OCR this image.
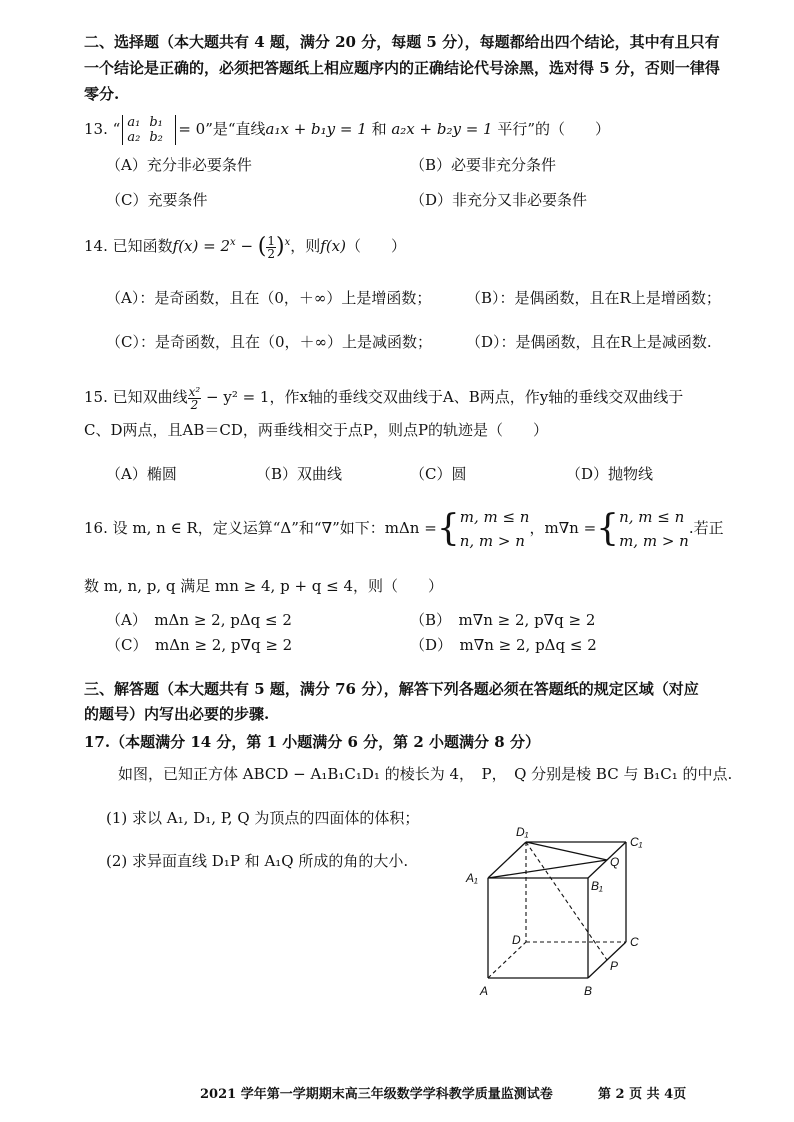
二、选择题（本大题共有 4 题，满分 20 分，每题 5 分），每题都给出四个结论，其中有且只有
一个结论是正确的，必须把答题纸上相应题序内的正确结论代号涂黑，选对得 5 分，否则一律得
零分.
13. “ a₁ b₁
a₂ b₂ = 0”是“直线a₁x + b₁y = 1 和 a₂x + b₂y = 1 平行”的（　　）
（A）充分非必要条件	（B）必要非充分条件
（C）充要条件	（D）非充分又非必要条件
14. 已知函数$f(x) = 2^x$ − ( $\frac{1}{2} )^x$，则f(x)（　　）
（A）：是奇函数，且在（0，＋∞）上是增函数； （B）：是偶函数，且在R上是增函数；
（C）：是奇函数，且在（0，＋∞）上是减函数； （D）：是偶函数，且在R上是减函数.
15. 已知双曲线 $\frac{\text{x²}}{2} - y^2 = 1$，作x轴的垂线交双曲线于A、B两点，作y轴的垂线交双曲线于
C、D两点，且AB＝CD，两垂线相交于点P，则点P的轨迹是（　　）
（A）椭圆	（B）双曲线	（C）圆	（D）抛物线
16. 设 m, n ∈ R，定义运算“Δ”和“∇”如下：mΔn ={m, m ≤ n
n, m > n，m∇n ={n, m ≤ n
m, m > n.若正
数 m, n, p, q 满足 mn ≥ 4, p + q ≤ 4，则（　　）
（A）　mΔn ≥ 2, pΔq ≤ 2	（B）　m∇n ≥ 2, p∇q ≥ 2
（C）　mΔn ≥ 2, p∇q ≥ 2	（D）　m∇n ≥ 2, pΔq ≤ 2
三、解答题（本大题共有 5 题，满分 76 分），解答下列各题必须在答题纸的规定区域（对应
的题号）内写出必要的步骤.
17.（本题满分 14 分，第 1 小题满分 6 分，第 2 小题满分 8 分）
如图，已知正方体 ABCD − A₁B₁C₁D₁ 的棱长为 4，　P，　Q 分别是棱 BC 与 B₁C₁ 的中点.
(1) 求以 A₁, D₁, P, Q 为顶点的四面体的体积；
(2) 求异面直线 D₁P 和 A₁Q 所成的角的大小.
D₁
C₁
A₁
B₁
Q
D	C
P
A	B
2021 学年第一学期期末高三年级数学学科教学质量监测试卷	第 2 页 共 4页
